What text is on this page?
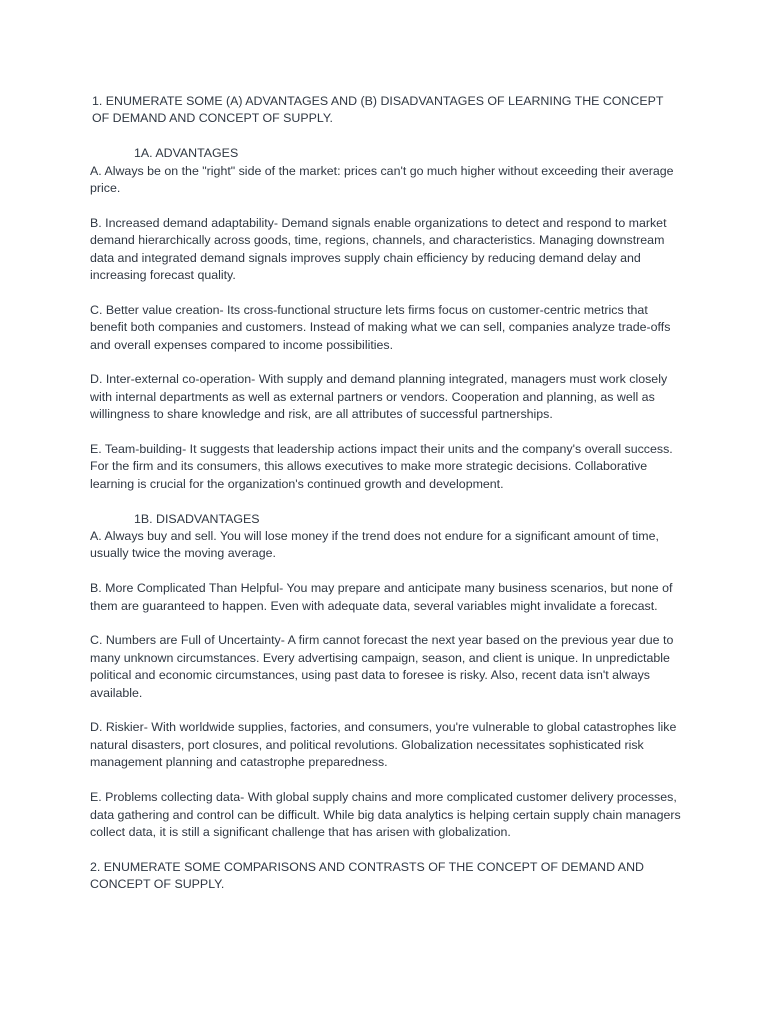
1. ENUMERATE SOME (A) ADVANTAGES AND (B) DISADVANTAGES OF LEARNING THE CONCEPT OF DEMAND AND CONCEPT OF SUPPLY.

1A. ADVANTAGES

A. Always be on the "right" side of the market: prices can't go much higher without exceeding their average price.

B. Increased demand adaptability- Demand signals enable organizations to detect and respond to market demand hierarchically across goods, time, regions, channels, and characteristics. Managing downstream data and integrated demand signals improves supply chain efficiency by reducing demand delay and increasing forecast quality.

C. Better value creation- Its cross-functional structure lets firms focus on customer-centric metrics that benefit both companies and customers. Instead of making what we can sell, companies analyze trade-offs and overall expenses compared to income possibilities.

D. Inter-external co-operation- With supply and demand planning integrated, managers must work closely with internal departments as well as external partners or vendors. Cooperation and planning, as well as willingness to share knowledge and risk, are all attributes of successful partnerships.

E. Team-building- It suggests that leadership actions impact their units and the company's overall success. For the firm and its consumers, this allows executives to make more strategic decisions. Collaborative learning is crucial for the organization's continued growth and development.

1B. DISADVANTAGES

A. Always buy and sell. You will lose money if the trend does not endure for a significant amount of time, usually twice the moving average.

B. More Complicated Than Helpful- You may prepare and anticipate many business scenarios, but none of them are guaranteed to happen. Even with adequate data, several variables might invalidate a forecast.

C. Numbers are Full of Uncertainty- A firm cannot forecast the next year based on the previous year due to many unknown circumstances. Every advertising campaign, season, and client is unique. In unpredictable political and economic circumstances, using past data to foresee is risky. Also, recent data isn't always available.

D. Riskier- With worldwide supplies, factories, and consumers, you're vulnerable to global catastrophes like natural disasters, port closures, and political revolutions. Globalization necessitates sophisticated risk management planning and catastrophe preparedness.

E. Problems collecting data- With global supply chains and more complicated customer delivery processes, data gathering and control can be difficult. While big data analytics is helping certain supply chain managers collect data, it is still a significant challenge that has arisen with globalization.

2. ENUMERATE SOME COMPARISONS AND CONTRASTS OF THE CONCEPT OF DEMAND AND CONCEPT OF SUPPLY.
